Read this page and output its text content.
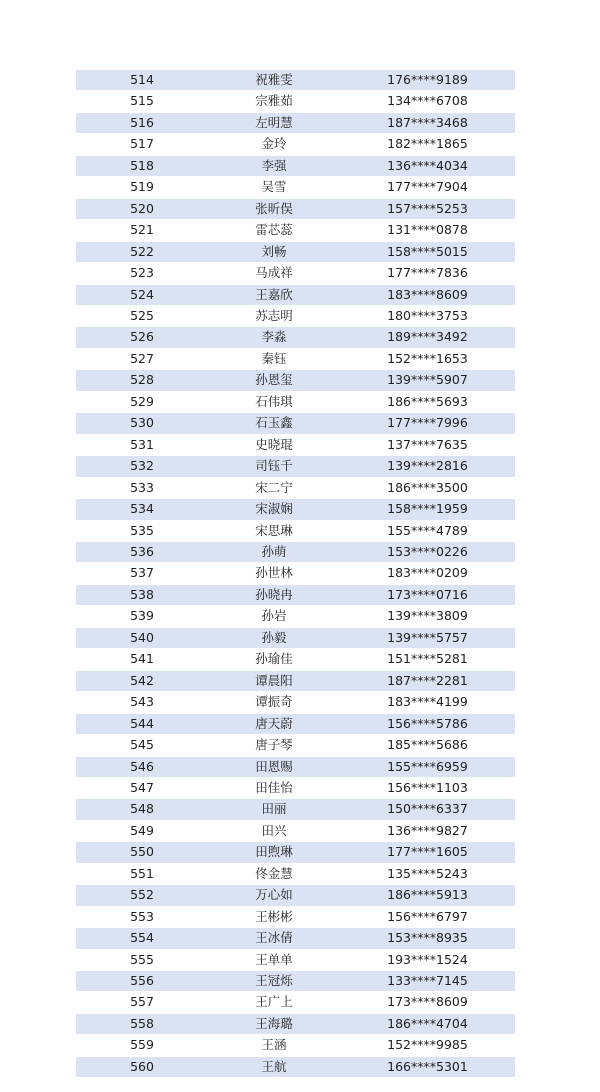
514	祝雅雯	176****9189
515	宗雅茹	134****6708
516	左明慧	187****3468
517	金玲	182****1865
518	李强	136****4034
519	吴雪	177****7904
520	张昕俣	157****5253
521	雷芯蕊	131****0878
522	刘畅	158****5015
523	马成祥	177****7836
524	王嘉欣	183****8609
525	苏志明	180****3753
526	李淼	189****3492
527	秦钰	152****1653
528	孙恩玺	139****5907
529	石伟琪	186****5693
530	石玉鑫	177****7996
531	史晓琨	137****7635
532	司钰千	139****2816
533	宋二宁	186****3500
534	宋淑娴	158****1959
535	宋思琳	155****4789
536	孙萌	153****0226
537	孙世林	183****0209
538	孙晓冉	173****0716
539	孙岩	139****3809
540	孙毅	139****5757
541	孙瑜佳	151****5281
542	谭晨阳	187****2281
543	谭振奇	183****4199
544	唐天蔚	156****5786
545	唐子琴	185****5686
546	田恩赐	155****6959
547	田佳怡	156****1103
548	田丽	150****6337
549	田兴	136****9827
550	田煦琳	177****1605
551	佟金慧	135****5243
552	万心如	186****5913
553	王彬彬	156****6797
554	王冰倩	153****8935
555	王单单	193****1524
556	王冠烁	133****7145
557	王广上	173****8609
558	王海璐	186****4704
559	王涵	152****9985
560	王航	166****5301
